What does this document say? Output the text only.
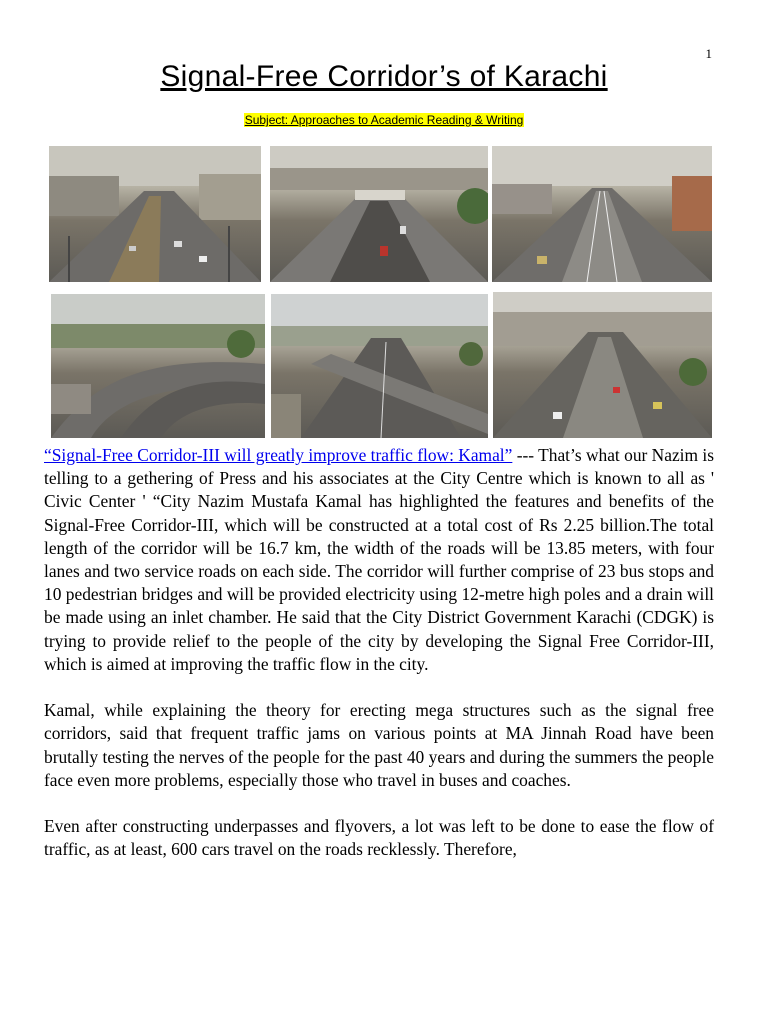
1
Signal-Free Corridor’s of Karachi
Subject: Approaches to Academic Reading & Writing

“Signal-Free Corridor-III will greatly improve traffic flow: Kamal” --- That’s what our Nazim is telling to a gethering of Press and his associates at the City Centre which is known to all as ' Civic Center ' “City Nazim Mustafa Kamal has highlighted the features and benefits of the Signal-Free Corridor-III, which will be constructed at a total cost of Rs 2.25 billion.The total length of the corridor will be 16.7 km, the width of the roads will be 13.85 meters, with four lanes and two service roads on each side. The corridor will further comprise of 23 bus stops and 10 pedestrian bridges and will be provided electricity using 12-metre high poles and a drain will be made using an inlet chamber. He said that the City District Government Karachi (CDGK) is trying to provide relief to the people of the city by developing the Signal Free Corridor-III, which is aimed at improving the traffic flow in the city.

Kamal, while explaining the theory for erecting mega structures such as the signal free corridors, said that frequent traffic jams on various points at MA Jinnah Road have been brutally testing the nerves of the people for the past 40 years and during the summers the people face even more problems, especially those who travel in buses and coaches.

Even after constructing underpasses and flyovers, a lot was left to be done to ease the flow of traffic, as at least, 600 cars travel on the roads recklessly. Therefore,
